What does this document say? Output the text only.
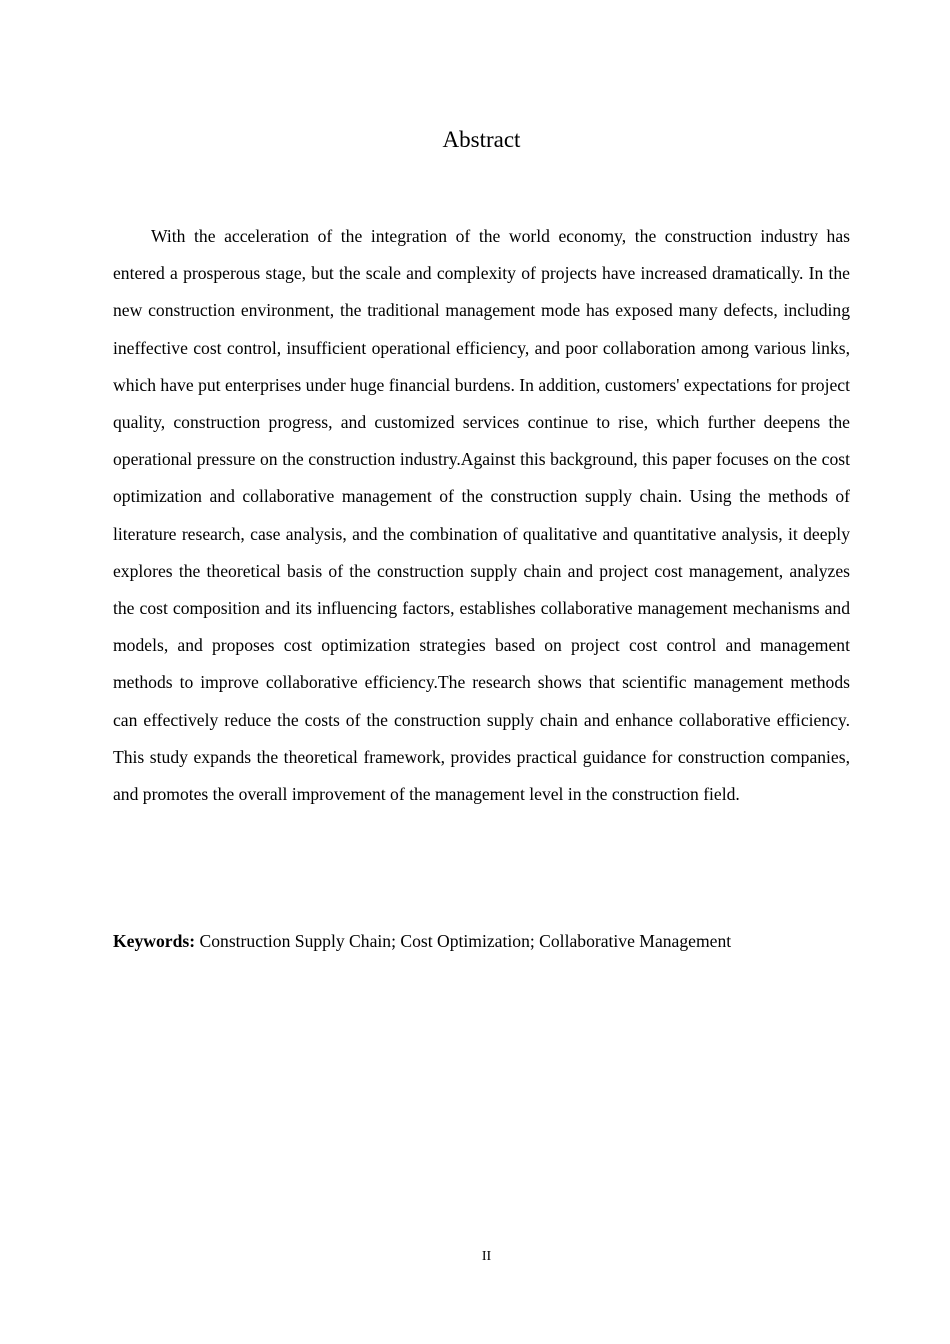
Abstract

With the acceleration of the integration of the world economy, the construction industry has entered a prosperous stage, but the scale and complexity of projects have increased dramatically. In the new construction environment, the traditional management mode has exposed many defects, including ineffective cost control, insufficient operational efficiency, and poor collaboration among various links, which have put enterprises under huge financial burdens. In addition, customers' expectations for project quality, construction progress, and customized services continue to rise, which further deepens the operational pressure on the construction industry.Against this background, this paper focuses on the cost optimization and collaborative management of the construction supply chain. Using the methods of literature research, case analysis, and the combination of qualitative and quantitative analysis, it deeply explores the theoretical basis of the construction supply chain and project cost management, analyzes the cost composition and its influencing factors, establishes collaborative management mechanisms and models, and proposes cost optimization strategies based on project cost control and management methods to improve collaborative efficiency.The research shows that scientific management methods can effectively reduce the costs of the construction supply chain and enhance collaborative efficiency. This study expands the theoretical framework, provides practical guidance for construction companies, and promotes the overall improvement of the management level in the construction field.

Keywords: Construction Supply Chain; Cost Optimization; Collaborative Management

II
